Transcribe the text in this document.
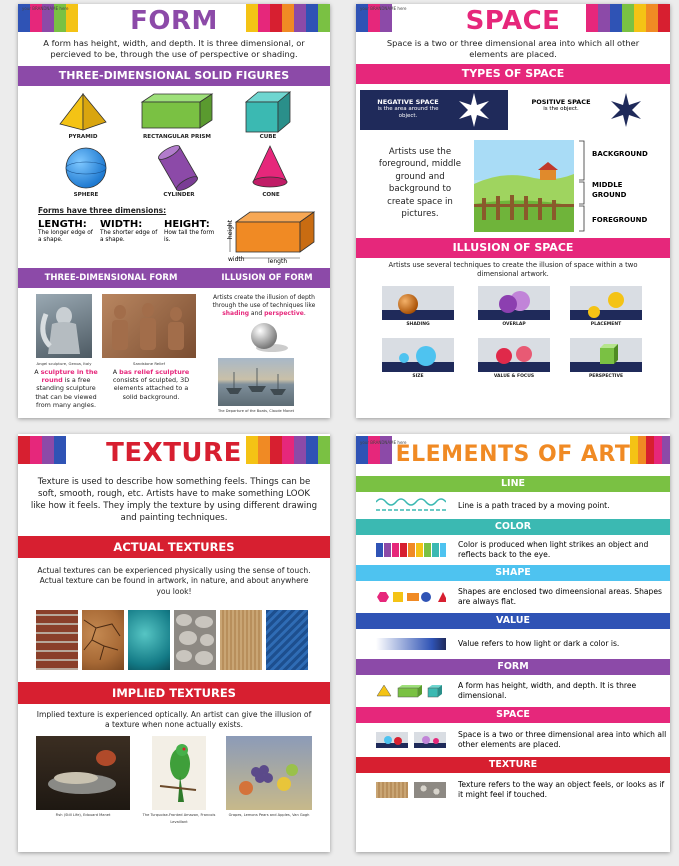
your BRANDNAME here	FORM
A form has height, width, and depth. It is three dimensional, or percieved to be, through the use of perspective or shading.
THREE-DIMENSIONAL SOLID FIGURES
PYRAMID	RECTANGULAR PRISM	CUBE
SPHERE	CYLINDER	CONE
Forms have three dimensions:
LENGTH:
The longer edge of a shape.
WIDTH:
The shorter edge of a shape.
HEIGHT:
How tall the form is.
height
width	length
THREE-DIMENSIONAL FORM	ILLUSION OF FORM
Angel sculpture, Genoa, Italy	Sandstone Relief
A sculpture in the round is a free standing sculpture that can be viewed from many angles.
A bas relief sculpture consists of sculpted, 3D elements attached to a solid background.
Artists create the illusion of depth through the use of techniques like shading and perspective.
The Departure of the Boats, Claude Monet
your BRANDNAME here	SPACE
Space is a two or three dimensional area into which all other elements are placed.
TYPES OF SPACE
NEGATIVE SPACE
is the area around the object.
POSITIVE SPACE
is the object.
Artists use the foreground, middle ground and background to create space in pictures.
BACKGROUND
MIDDLE GROUND
FOREGROUND
ILLUSION OF SPACE
Artists use several techniques to create the illusion of space within a two dimensional artwork.
SHADING	OVERLAP	PLACEMENT
SIZE	VALUE & FOCUS	PERSPECTIVE
TEXTURE
Texture is used to describe how something feels. Things can be soft, smooth, rough, etc. Artists have to make something LOOK like how it feels. They imply the texture by using different drawing and painting techniques.
ACTUAL TEXTURES
Actual textures can be experienced physically using the sense of touch. Actual texture can be found in artwork, in nature, and about anywhere you look!
IMPLIED TEXTURES
Implied texture is experienced optically. An artist can give the illusion of a texture when none actually exists.
Fish (Still Life), Edouard Manet	The Turquoise-Fronted Amazon, Francois Levaillant
Grapes, Lemons Pears and Apples, Van Gogh
your BRANDNAME here
ELEMENTS OF ART
LINE
Line is a path traced by a moving point.
COLOR
Color is produced when light strikes an object and reflects back to the eye.
SHAPE
Shapes are enclosed two dimeensional areas. Shapes are always flat.
VALUE
Value refers to how light or dark a color is.
FORM
A form has height, width, and depth. It is three dimensional.
SPACE
Space is a two or three dimensional area into which all other elements are placed.
TEXTURE
Texture refers to the way an object feels, or looks as if it might feel if touched.
